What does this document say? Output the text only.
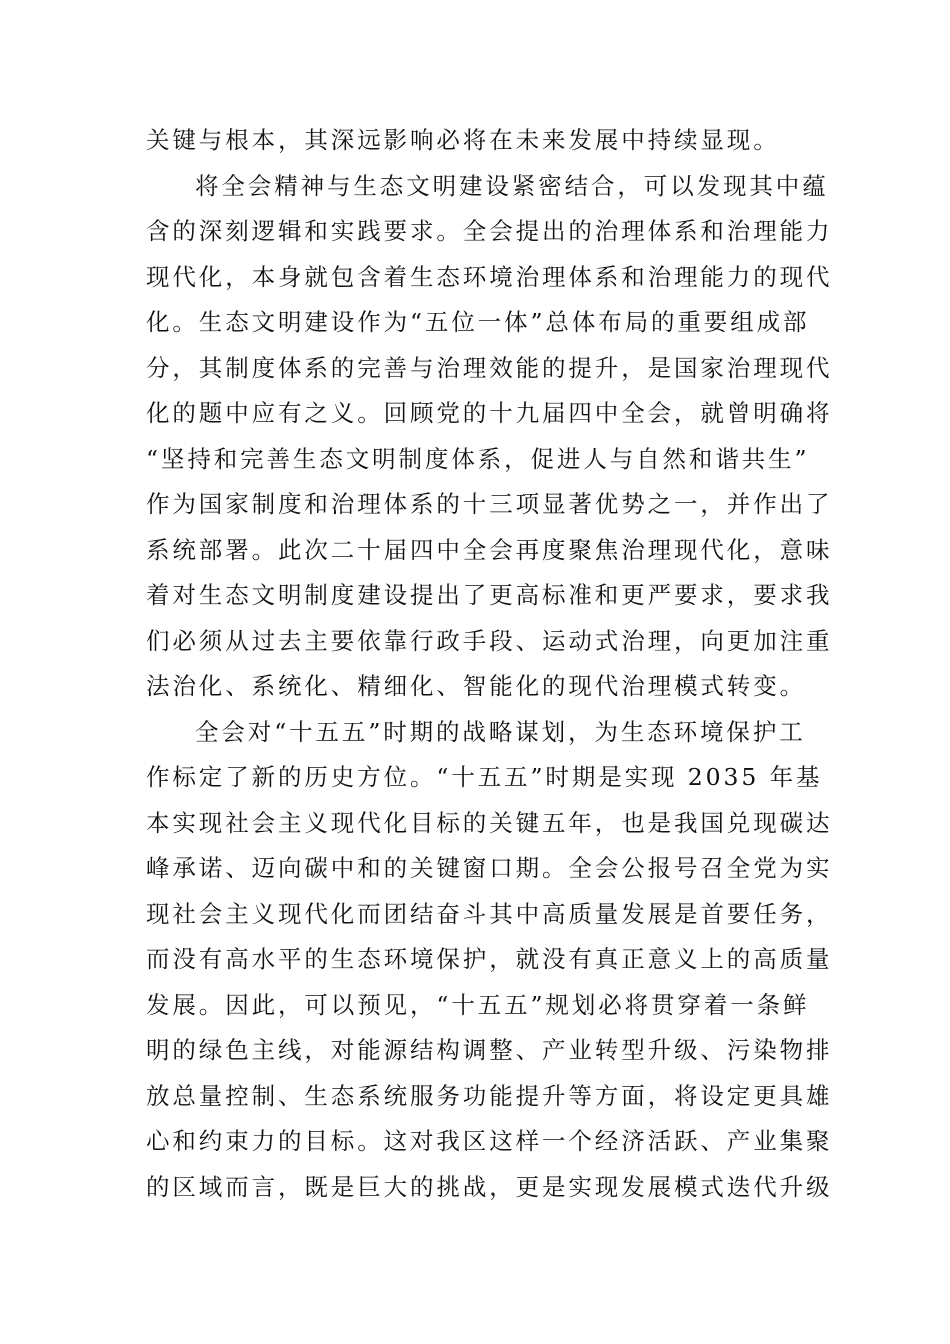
关键与根本，其深远影响必将在未来发展中持续显现。
将全会精神与生态文明建设紧密结合，可以发现其中蕴
含的深刻逻辑和实践要求。全会提出的治理体系和治理能力
现代化，本身就包含着生态环境治理体系和治理能力的现代
化。生态文明建设作为“五位一体”总体布局的重要组成部
分，其制度体系的完善与治理效能的提升，是国家治理现代
化的题中应有之义。回顾党的十九届四中全会，就曾明确将
“坚持和完善生态文明制度体系，促进人与自然和谐共生”
作为国家制度和治理体系的十三项显著优势之一，并作出了
系统部署。此次二十届四中全会再度聚焦治理现代化，意味
着对生态文明制度建设提出了更高标准和更严要求，要求我
们必须从过去主要依靠行政手段、运动式治理，向更加注重
法治化、系统化、精细化、智能化的现代治理模式转变。
全会对“十五五”时期的战略谋划，为生态环境保护工
作标定了新的历史方位。“十五五”时期是实现 2035 年基
本实现社会主义现代化目标的关键五年，也是我国兑现碳达
峰承诺、迈向碳中和的关键窗口期。全会公报号召全党为实
现社会主义现代化而团结奋斗其中高质量发展是首要任务，
而没有高水平的生态环境保护，就没有真正意义上的高质量
发展。因此，可以预见，“十五五”规划必将贯穿着一条鲜
明的绿色主线，对能源结构调整、产业转型升级、污染物排
放总量控制、生态系统服务功能提升等方面，将设定更具雄
心和约束力的目标。这对我区这样一个经济活跃、产业集聚
的区域而言，既是巨大的挑战，更是实现发展模式迭代升级
